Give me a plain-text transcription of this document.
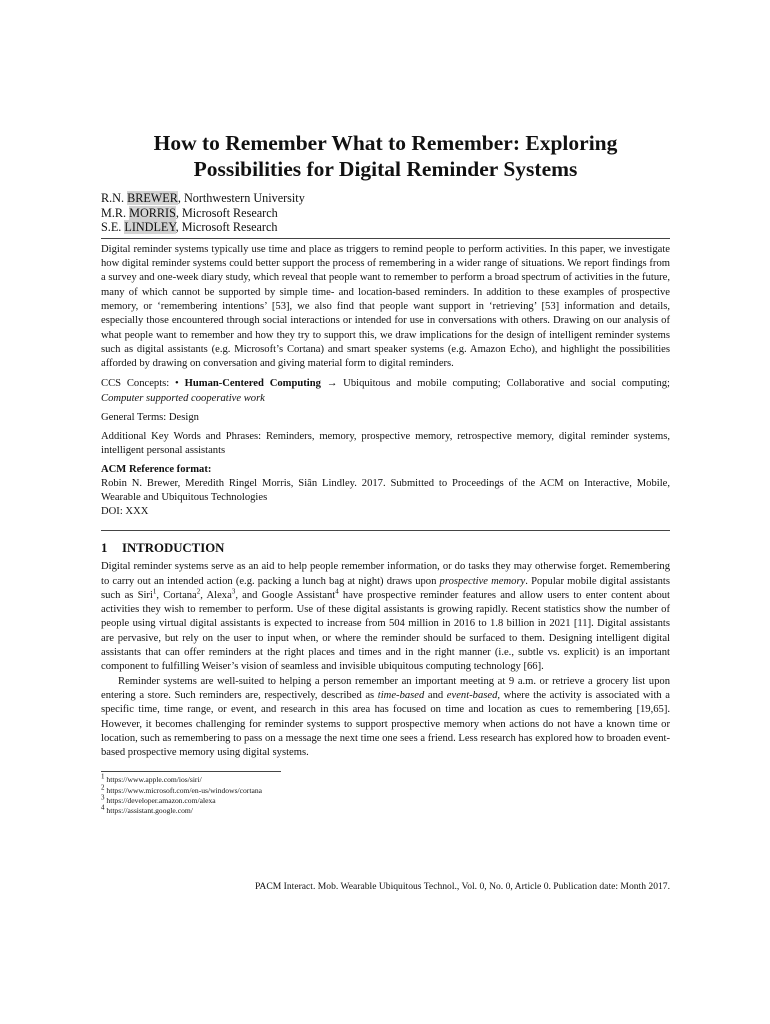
How to Remember What to Remember: Exploring Possibilities for Digital Reminder Systems
R.N. BREWER, Northwestern University
M.R. MORRIS, Microsoft Research
S.E. LINDLEY, Microsoft Research

Digital reminder systems typically use time and place as triggers to remind people to perform activities. In this paper, we investigate how digital reminder systems could better support the process of remembering in a wider range of situations. We report findings from a survey and one-week diary study, which reveal that people want to remember to perform a broad spectrum of activities in the future, many of which cannot be supported by simple time- and location-based reminders. In addition to these examples of prospective memory, or ‘remembering intentions’ [53], we also find that people want support in ‘retrieving’ [53] information and details, especially those encountered through social interactions or intended for use in conversations with others. Drawing on our analysis of what people want to remember and how they try to support this, we draw implications for the design of intelligent reminder systems such as digital assistants (e.g. Microsoft’s Cortana) and smart speaker systems (e.g. Amazon Echo), and highlight the possibilities afforded by drawing on conversation and giving material form to digital reminders.

CCS Concepts: • Human-Centered Computing → Ubiquitous and mobile computing; Collaborative and social computing; Computer supported cooperative work

General Terms: Design

Additional Key Words and Phrases: Reminders, memory, prospective memory, retrospective memory, digital reminder systems, intelligent personal assistants

ACM Reference format:
Robin N. Brewer, Meredith Ringel Morris, Siân Lindley. 2017. Submitted to Proceedings of the ACM on Interactive, Mobile, Wearable and Ubiquitous Technologies
DOI: XXX
1 INTRODUCTION

Digital reminder systems serve as an aid to help people remember information, or do tasks they may otherwise forget. Remembering to carry out an intended action (e.g. packing a lunch bag at night) draws upon prospective memory. Popular mobile digital assistants such as Siri$^1$, Cortana$^2$, Alexa$^3$, and Google Assistant$^4$ have prospective reminder features and allow users to enter content about activities they wish to remember to perform. Use of these digital assistants is growing rapidly. Recent statistics show the number of people using virtual digital assistants is expected to increase from 504 million in 2016 to 1.8 billion in 2021 [11]. Digital assistants are pervasive, but rely on the user to input when, or where the reminder should be surfaced to them. Designing intelligent digital assistants that can offer reminders at the right places and times and in the right manner (i.e., subtle vs. explicit) is an important component to fulfilling Weiser’s vision of seamless and invisible ubiquitous computing technology [66].

Reminder systems are well-suited to helping a person remember an important meeting at 9 a.m. or retrieve a grocery list upon entering a store. Such reminders are, respectively, described as time-based and event-based, where the activity is associated with a specific time, time range, or event, and research in this area has focused on time and location as cues to remembering [19,65]. However, it becomes challenging for reminder systems to support prospective memory when actions do not have a known time or location, such as remembering to pass on a message the next time one sees a friend. Less research has explored how to broaden event-based prospective memory using digital systems.

$^1$ https://www.apple.com/ios/siri/
$^2$ https://www.microsoft.com/en-us/windows/cortana
$^3$ https://developer.amazon.com/alexa
$^4$ https://assistant.google.com/
PACM Interact. Mob. Wearable Ubiquitous Technol., Vol. 0, No. 0, Article 0. Publication date: Month 2017.
